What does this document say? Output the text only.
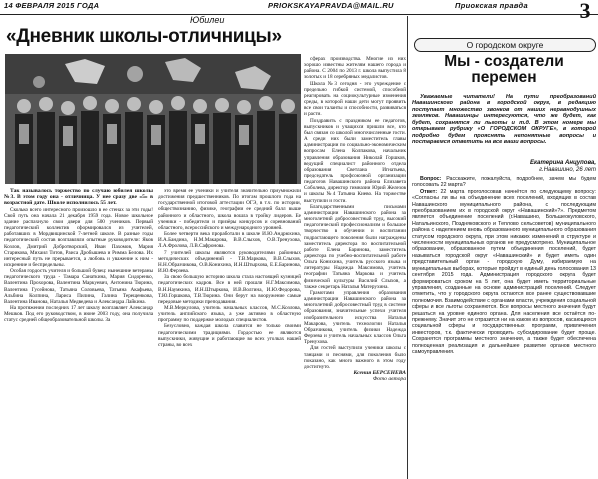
14 ФЕВРАЛЯ 2015 ГОДА	PRIOKSKAYAPRAVDA@MAIL.RU	Приокская правда 3
Юбилеи
«Дневник школы-отличницы»

Так называлось торжество по случаю юбилея школы №3. В этом году она - отличница. У нее сразу две «5» в возрастной дате. Школе исполнилось 55 лет.

Сколько всего интересного произошло в ее стенах за эти годы! Свой путь она начала 21 декабря 1959 года. Новое школьное здание распахнуло свои двери для 500 учеников. Первый педагогический коллектив сформировался из учителей, работавших в Мордвищинской 7-летней школе. В разные годы педагогический состав возглавляли опытные руководители: Яков Козлов, Дмитрий Добротворский, Иван Пахомов, Мария Старикова, Михаил Титов, Раиса Дробышева и Римма Белова. Их интересный путь не прерывается, а любовь и уважение к ним - искренние и беспредельны.

Особая гордость учителя и большой бувец: нынешние ветераны педагогического труда - Тамара Санаткина, Мария Сидоренко, Валентина Прохорова, Валентина Маркуевич, Антонина Тюрина, Валентина Гусейнова, Татьяна Соловьева, Татьяна Акафьева, Альбина Колпина, Лариса Пилина, Галина Терещенкова, Валентина Иванова, Наталья Медведева и Александра Лайкина.

На протяжении последних 17 лет школу возглавляет Александр Мешков. Под его руководством, в июне 2003 году, она получила статус средней общеобразовательной школы. За

это время ее ученики и учителя значительно приумножили достижения предшественников. По итогам прошлого года на государственной итоговой аттестации ОГЭ, в т.ч. по истории, обществознанию, физике, географии ее средний балл выше районного и областного, школа вошла в тройку лидеров. Ее ученики - победители и призёры конкурсов и соревнований областного, всероссийского и международного уровней.

Более четверти века проработали в школе И.Ю.Андрюхина, И.А.Бандина, Н.М.Макарова, В.В.Слыхов, О.В.Тренухова, Л.А.Фролова, Л.В.Сафронова.

7 учителей школы являются руководителями районных методических объединений - Т.В.Маркова, В.В.Слыхов, Н.Н.Образчикова, О.В.Конихина, И.Н.Штырхова, Е.Е.Баринова, И.Ю.Ферзева.

За свою большую историю школа стала настоящей кузницей педагогических кадров. Все в ней прошли Н.Г.Максимова, В.Н.Наумкина, И.Н.Штыркова, И.В.Волгина, И.Ю.Федорова, Т.Ю.Горшкова, Т.В.Тюрина. Они берут на вооружение самые передовые методики преподавания.

М.В.Меркулова, учитель начальных классов, М.С.Козлова, учитель английского языка, а уже активно в областную программу по поддержке молодых специалистов.

Безусловно, каждая школа славится не только своими педагогическими традициями. Гордостью ее являются выпускники, живущие и работающие во всех уголках нашей страны, во всех

сферах производства. Многие из них хорошо известны жителям нашего города и района. С 2004 по 2013 г. школа выпустила 8 золотых и 18 серебряных медалистов.

Школа №3 сегодня - это учреждение с предельно гибкой системой, способной реагировать на социокультурные изменения среды, в которой наши дети могут проявить все свои таланты и способности, развиваться и расти.

Поздравить с праздником ее педагогов, выпускников и учащихся пришли все, кто был связан со школой многочисленные гости. А среди них были заместитель главы администрации по социально-экономическим вопросам Елена Колпакова, начальник управления образования Николай Горшков, ведущий специалист районного отдела образования Светлана Игнатьева, председатель профсоюзной организации педагогов Навашинского района Елизавета Соболева, директор гимназии Юрий Железов и школы №4 Татьяна Киево. На торжестве выступили и гости.

Благодарственными письмами администрации Навашинского района за многолетний добросовестный труд, высокий педагогический профессионализм и большое творчество в обучении и воспитании подрастающего поколения были награждены заместитель директора по воспитательной работе Елена Баринова, заместитель директора по учебно-воспитательной работе Ольга Конихина, учитель русского языка и литературы Надежда Максимова, учитель географии Татьяна Маркова и учитель физической культуры Василий Слыхов, а также секретарь Наталья Матерухина.

Грамотами управления образования администрации Навашинского района за многолетний добросовестный труд в системе образования, значительные успехи учителя изобразительного искусства Наталья Макарова, учитель технологии Наталья Образчикова, учитель физики Надежда Ферзева и учитель начальных классов Ольга Тренухова.

Для гостей выступили ученики школы с танцами и песнями, для поколения было показано, как много важного в этом году достигнуто.

Ксения БЕРСЕНЕВА
Фото автора
О городском округе
Мы - создатели
перемен

Уважаемые читатели! На пути преобразований Навашинского района в городской округ, в редакцию поступает множество звонков от наших неравнодушных земляков. Навашинцы интересуются, что же будет, как будет, сохранятся ли льготы и т.д. В этом номере мы открываем рубрику «О ГОРОДСКОМ ОКРУГЕ», в которой подробно будем прояснять непонятные вопросы и постараемся ответить на все ваши вопросы.

Екатерина Анцупова,
г.Навашино, 26 лет

Вопрос: Расскажите, пожалуйста, подробнее, зачем мы будем голосовать 22 марта?

Ответ: 22 марта проголосовав начнётся по следующему вопросу: «Согласны ли вы на объединение всех поселений, входящих в состав Навашинского муниципального района, с последующим преобразованием их в городской округ «Навашинский»?». Предметом является объединение поселений (г.Навашино, Большеокуловского, Натальинского, Поздняковского и Теплово сельсоветов) муниципального района с наделением вновь образованного муниципального образования статусом городского округа, при этом никаких изменений в структуре и численности муниципальных органов не предусмотрено. Муниципальное образование, образованное путем объединения поселений, будет называться городской округ «Навашинский» и будет иметь один представительный орган - городскую Думу, избираемую на муниципальных выборах, которые пройдут в единый день голосования 13 сентября 2015 года. Администрация городского округа будет формироваться сроком на 5 лет, она будет иметь территориальные управления, созданные на основе администраций поселений. Следует отметить, что у городского округа остаются все ранее существовавшие полномочия. Взаимодействие с органами власти, учреждения социальной сферы и все льготы сохраняются. Все вопросы местного значения будут решаться на уровне единого органа. Для населения все остаётся по-прежнему. Значит это не отразится ни на каком из вопросов, касающихся социальной сферы и государственных программ, привлечения инвесторов, т.к. фактически проводить субсидирование будет проще. Сохранятся программы местного значения, а также будет обеспечена полноценная реализация и дальнейшее развитие органов местного самоуправления.
